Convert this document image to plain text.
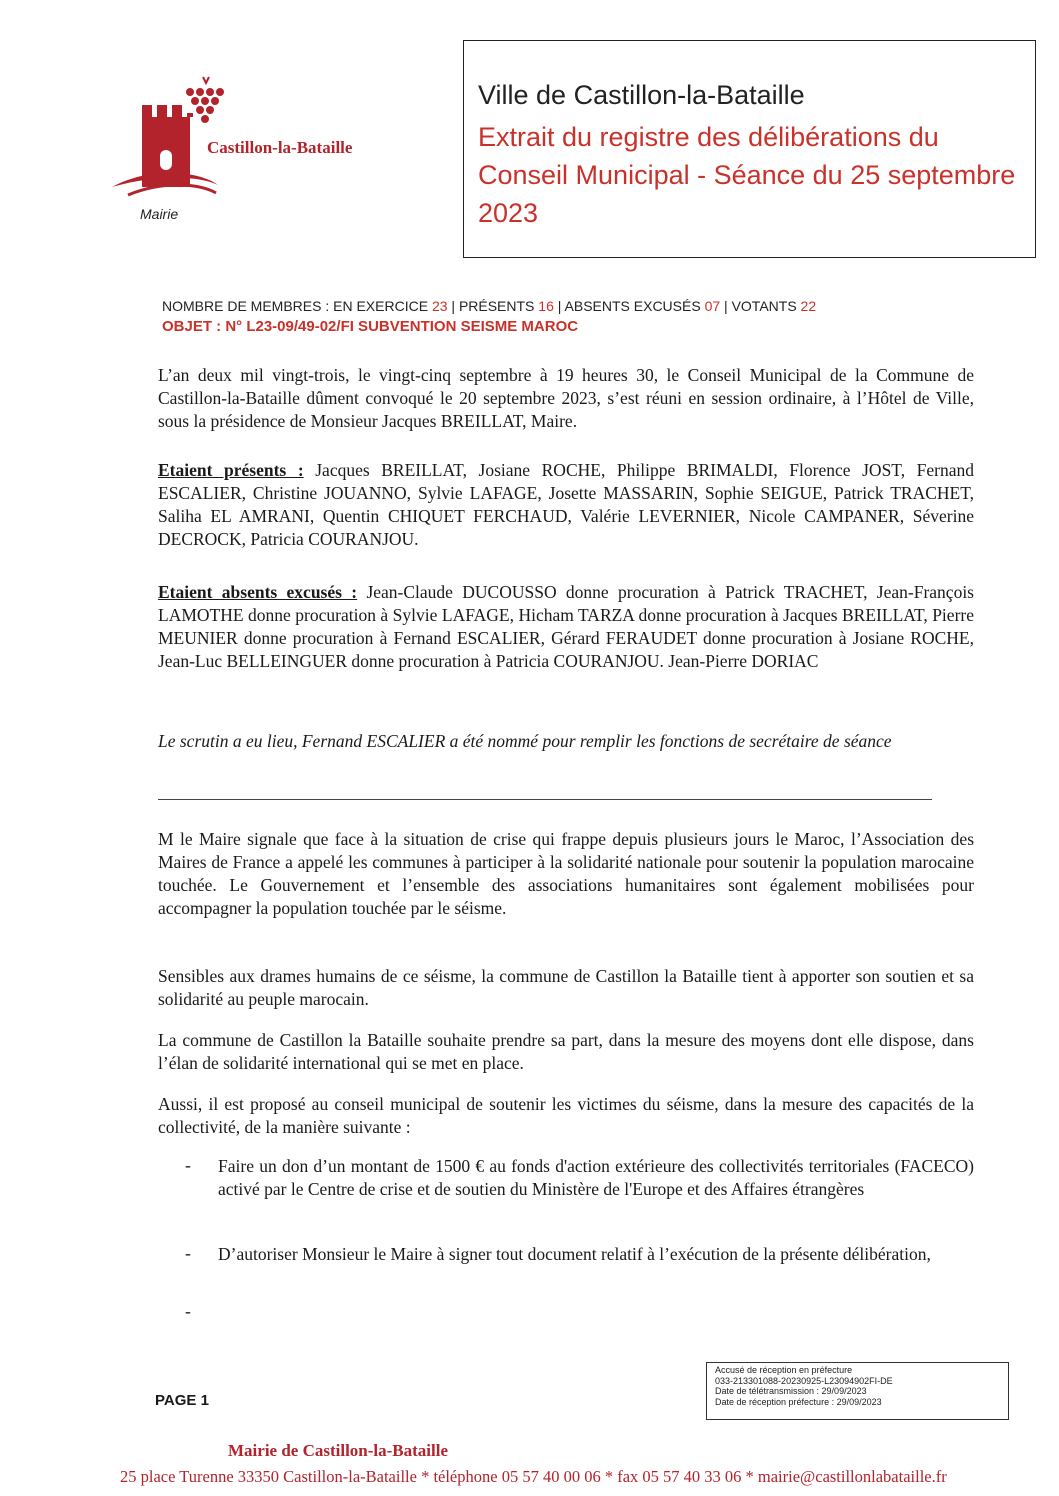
Castillon-la-Bataille
Mairie
Ville de Castillon-la-Bataille
Extrait du registre des délibérations du Conseil Municipal - Séance du 25 septembre 2023
NOMBRE DE MEMBRES : EN EXERCICE 23 | PRÉSENTS 16 | ABSENTS EXCUSÉS 07 | VOTANTS 22
OBJET : N° L23-09/49-02/FI SUBVENTION SEISME MAROC
L’an deux mil vingt-trois, le vingt-cinq septembre à 19 heures 30, le Conseil Municipal de la Commune de Castillon-la-Bataille dûment convoqué le 20 septembre 2023, s’est réuni en session ordinaire, à l’Hôtel de Ville, sous la présidence de Monsieur Jacques BREILLAT, Maire.
Etaient présents : Jacques BREILLAT, Josiane ROCHE, Philippe BRIMALDI, Florence JOST, Fernand ESCALIER, Christine JOUANNO, Sylvie LAFAGE, Josette MASSARIN, Sophie SEIGUE, Patrick TRACHET, Saliha EL AMRANI, Quentin CHIQUET FERCHAUD, Valérie LEVERNIER, Nicole CAMPANER, Séverine DECROCK, Patricia COURANJOU.
Etaient absents excusés : Jean-Claude DUCOUSSO donne procuration à Patrick TRACHET, Jean-François LAMOTHE donne procuration à Sylvie LAFAGE, Hicham TARZA donne procuration à Jacques BREILLAT, Pierre MEUNIER donne procuration à Fernand ESCALIER, Gérard FERAUDET donne procuration à Josiane ROCHE, Jean-Luc BELLEINGUER donne procuration à Patricia COURANJOU. Jean-Pierre DORIAC
Le scrutin a eu lieu, Fernand ESCALIER a été nommé pour remplir les fonctions de secrétaire de séance
M le Maire signale que face à la situation de crise qui frappe depuis plusieurs jours le Maroc, l’Association des Maires de France a appelé les communes à participer à la solidarité nationale pour soutenir la population marocaine touchée. Le Gouvernement et l’ensemble des associations humanitaires sont également mobilisées pour accompagner la population touchée par le séisme.
Sensibles aux drames humains de ce séisme, la commune de Castillon la Bataille tient à apporter son soutien et sa solidarité au peuple marocain.
La commune de Castillon la Bataille souhaite prendre sa part, dans la mesure des moyens dont elle dispose, dans l’élan de solidarité international qui se met en place.
Aussi, il est proposé au conseil municipal de soutenir les victimes du séisme, dans la mesure des capacités de la collectivité, de la manière suivante :
-	Faire un don d’un montant de 1500 € au fonds d'action extérieure des collectivités territoriales (FACECO) activé par le Centre de crise et de soutien du Ministère de l'Europe et des Affaires étrangères
-	D’autoriser Monsieur le Maire à signer tout document relatif à l’exécution de la présente délibération,
-
PAGE 1
Accusé de réception en préfecture
033-213301088-20230925-L23094902FI-DE
Date de télétransmission : 29/09/2023
Date de réception préfecture : 29/09/2023
Mairie de Castillon-la-Bataille
25 place Turenne 33350 Castillon-la-Bataille * téléphone 05 57 40 00 06 * fax 05 57 40 33 06 * mairie@castillonlabataille.fr
